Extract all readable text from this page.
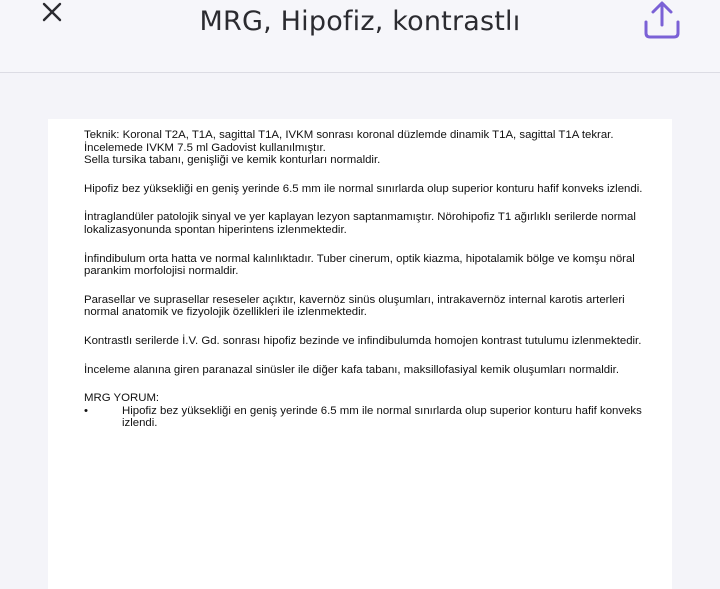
MRG, Hipofiz, kontrastlı

Teknik: Koronal T2A, T1A, sagittal T1A, IVKM sonrası koronal düzlemde dinamik T1A, sagittal T1A tekrar. İncelemede IVKM 7.5 ml Gadovist kullanılmıştır.

Sella tursika tabanı, genişliği ve kemik konturları normaldir.

Hipofiz bez yüksekliği en geniş yerinde 6.5 mm ile normal sınırlarda olup superior konturu hafif konveks izlendi.

İntraglandüler patolojik sinyal ve yer kaplayan lezyon saptanmamıştır. Nörohipofiz T1 ağırlıklı serilerde normal lokalizasyonunda spontan hiperintens izlenmektedir.

İnfindibulum orta hatta ve normal kalınlıktadır. Tuber cinerum, optik kiazma, hipotalamik bölge ve komşu nöral parankim morfolojisi normaldir.

Parasellar ve suprasellar reseseler açıktır, kavernöz sinüs oluşumları, intrakavernöz internal karotis arterleri normal anatomik ve fizyolojik özellikleri ile izlenmektedir.

Kontrastlı serilerde İ.V. Gd. sonrası hipofiz bezinde ve infindibulumda homojen kontrast tutulumu izlenmektedir.

İnceleme alanına giren paranazal sinüsler ile diğer kafa tabanı, maksillofasiyal kemik oluşumları normaldir.

MRG YORUM:

•	Hipofiz bez yüksekliği en geniş yerinde 6.5 mm ile normal sınırlarda olup superior konturu hafif konveks izlendi.
